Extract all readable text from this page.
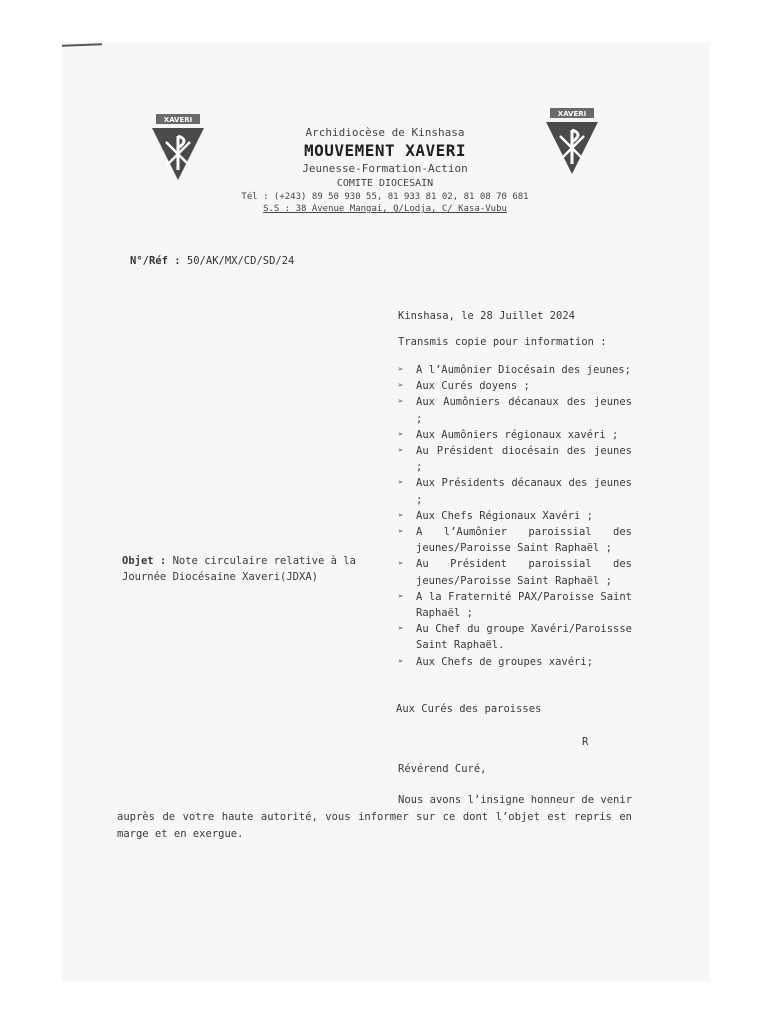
XAVERI
XAVERI
Archidiocèse de Kinshasa
MOUVEMENT XAVERI
Jeunesse-Formation-Action
COMITE DIOCESAIN
Tél : (+243) 89 50 930 55, 81 933 81 02, 81 08 70 681
S.S : 38 Avenue Mangai, Q/Lodja, C/ Kasa-Vubu
N°/Réf : 50/AK/MX/CD/SD/24
Kinshasa, le 28 Juillet 2024
Transmis copie pour information :
➢ A l’Aumônier Diocésain des jeunes;
➢ Aux Curés doyens ;
➢ Aux Aumôniers décanaux des jeunes ;
➢ Aux Aumôniers régionaux xavéri ;
➢ Au Président diocésain des jeunes ;
➢ Aux Présidents décanaux des jeunes ;
➢ Aux Chefs Régionaux Xavéri ;
➢ A l’Aumônier paroissial des jeunes/Paroisse Saint Raphaël ;
➢ Au Président paroissial des jeunes/Paroisse Saint Raphaël ;
➢ A la Fraternité PAX/Paroisse Saint Raphaël ;
➢ Au Chef du groupe Xavéri/Paroissse Saint Raphaël.
➢ Aux Chefs de groupes xavéri;
Objet : Note circulaire relative à la Journée Diocésaine Xaveri(JDXA)
Aux Curés des paroisses
R
Révérend Curé,
Nous avons l’insigne honneur de venir auprès de votre haute autorité, vous informer sur ce dont l’objet est repris en marge et en exergue.
